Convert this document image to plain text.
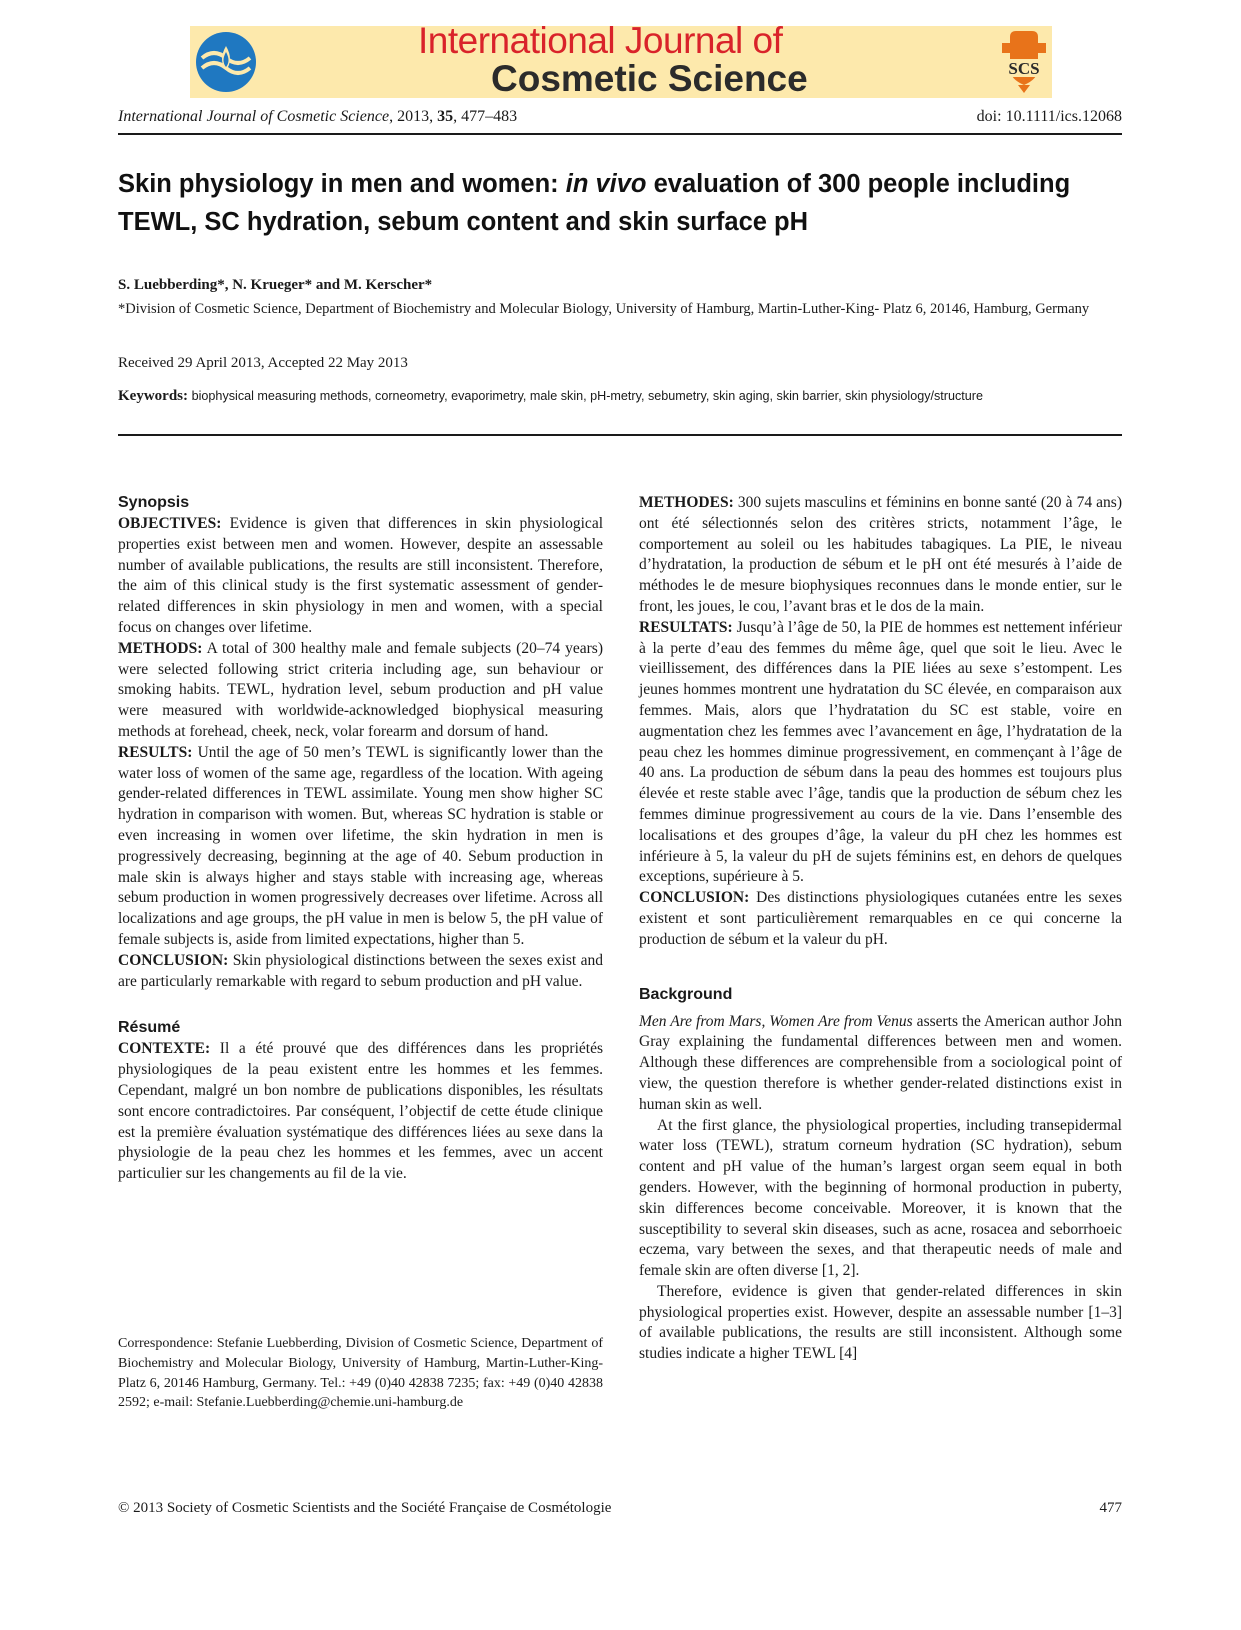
International Journal of
Cosmetic Science	SCS
International Journal of Cosmetic Science, 2013, 35, 477–483	doi: 10.1111/ics.12068
Skin physiology in men and women: in vivo evaluation of 300 people including TEWL, SC hydration, sebum content and skin surface pH
S. Luebberding*, N. Krueger* and M. Kerscher*
*Division of Cosmetic Science, Department of Biochemistry and Molecular Biology, University of Hamburg, Martin-Luther-King- Platz 6, 20146, Hamburg, Germany
Received 29 April 2013, Accepted 22 May 2013
Keywords: biophysical measuring methods, corneometry, evaporimetry, male skin, pH-metry, sebumetry, skin aging, skin barrier, skin physiology/structure
Synopsis

OBJECTIVES: Evidence is given that differences in skin physiological properties exist between men and women. However, despite an assessable number of available publications, the results are still inconsistent. Therefore, the aim of this clinical study is the first systematic assessment of gender-related differences in skin physiology in men and women, with a special focus on changes over lifetime.

METHODS: A total of 300 healthy male and female subjects (20–74 years) were selected following strict criteria including age, sun behaviour or smoking habits. TEWL, hydration level, sebum production and pH value were measured with worldwide-acknowledged biophysical measuring methods at forehead, cheek, neck, volar forearm and dorsum of hand.

RESULTS: Until the age of 50 men’s TEWL is significantly lower than the water loss of women of the same age, regardless of the location. With ageing gender-related differences in TEWL assimilate. Young men show higher SC hydration in comparison with women. But, whereas SC hydration is stable or even increasing in women over lifetime, the skin hydration in men is progressively decreasing, beginning at the age of 40. Sebum production in male skin is always higher and stays stable with increasing age, whereas sebum production in women progressively decreases over lifetime. Across all localizations and age groups, the pH value in men is below 5, the pH value of female subjects is, aside from limited expectations, higher than 5.

CONCLUSION: Skin physiological distinctions between the sexes exist and are particularly remarkable with regard to sebum production and pH value.

Résumé

CONTEXTE: Il a été prouvé que des différences dans les propriétés physiologiques de la peau existent entre les hommes et les femmes. Cependant, malgré un bon nombre de publications disponibles, les résultats sont encore contradictoires. Par conséquent, l’objectif de cette étude clinique est la première évaluation systématique des différences liées au sexe dans la physiologie de la peau chez les hommes et les femmes, avec un accent particulier sur les changements au fil de la vie.

Correspondence: Stefanie Luebberding, Division of Cosmetic Science, Department of Biochemistry and Molecular Biology, University of Hamburg, Martin-Luther-King- Platz 6, 20146 Hamburg, Germany. Tel.: +49 (0)40 42838 7235; fax: +49 (0)40 42838 2592; e-mail: Stefanie.Luebberding@chemie.uni-hamburg.de

METHODES: 300 sujets masculins et féminins en bonne santé (20 à 74 ans) ont été sélectionnés selon des critères stricts, notamment l’âge, le comportement au soleil ou les habitudes tabagiques. La PIE, le niveau d’hydratation, la production de sébum et le pH ont été mesurés à l’aide de méthodes le de mesure biophysiques reconnues dans le monde entier, sur le front, les joues, le cou, l’avant bras et le dos de la main.

RESULTATS: Jusqu’à l’âge de 50, la PIE de hommes est nettement inférieur à la perte d’eau des femmes du même âge, quel que soit le lieu. Avec le vieillissement, des différences dans la PIE liées au sexe s’estompent. Les jeunes hommes montrent une hydratation du SC élevée, en comparaison aux femmes. Mais, alors que l’hydratation du SC est stable, voire en augmentation chez les femmes avec l’avancement en âge, l’hydratation de la peau chez les hommes diminue progressivement, en commençant à l’âge de 40 ans. La production de sébum dans la peau des hommes est toujours plus élevée et reste stable avec l’âge, tandis que la production de sébum chez les femmes diminue progressivement au cours de la vie. Dans l’ensemble des localisations et des groupes d’âge, la valeur du pH chez les hommes est inférieure à 5, la valeur du pH de sujets féminins est, en dehors de quelques exceptions, supérieure à 5.

CONCLUSION: Des distinctions physiologiques cutanées entre les sexes existent et sont particulièrement remarquables en ce qui concerne la production de sébum et la valeur du pH.

Background

Men Are from Mars, Women Are from Venus asserts the American author John Gray explaining the fundamental differences between men and women. Although these differences are comprehensible from a sociological point of view, the question therefore is whether gender-related distinctions exist in human skin as well.

At the first glance, the physiological properties, including transepidermal water loss (TEWL), stratum corneum hydration (SC hydration), sebum content and pH value of the human’s largest organ seem equal in both genders. However, with the beginning of hormonal production in puberty, skin differences become conceivable. Moreover, it is known that the susceptibility to several skin diseases, such as acne, rosacea and seborrhoeic eczema, vary between the sexes, and that therapeutic needs of male and female skin are often diverse [1, 2].

Therefore, evidence is given that gender-related differences in skin physiological properties exist. However, despite an assessable number [1–3] of available publications, the results are still inconsistent. Although some studies indicate a higher TEWL [4]

© 2013 Society of Cosmetic Scientists and the Société Française de Cosmétologie	477
